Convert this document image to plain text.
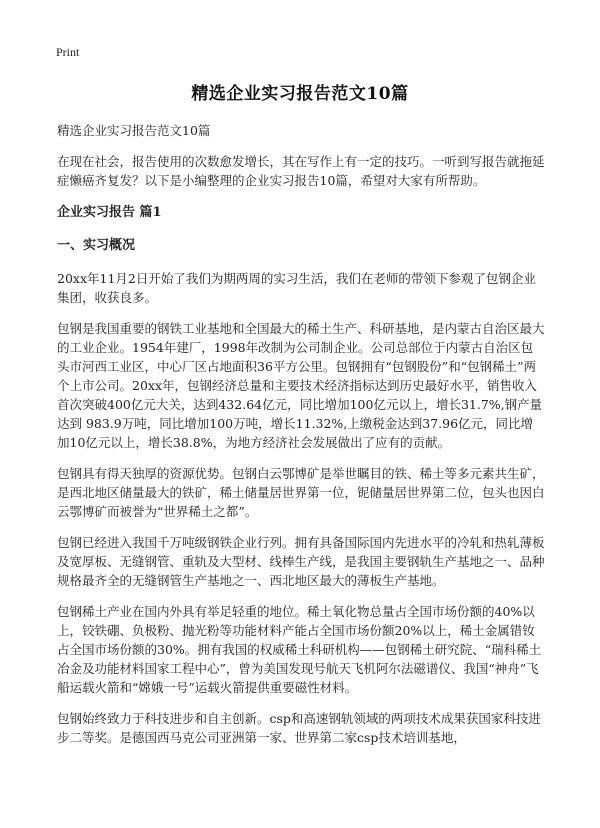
Print
精选企业实习报告范文10篇
精选企业实习报告范文10篇

在现在社会，报告使用的次数愈发增长，其在写作上有一定的技巧。一听到写报告就拖延症懒癌齐复发？以下是小编整理的企业实习报告10篇，希望对大家有所帮助。

企业实习报告 篇1
一、实习概况

20xx年11月2日开始了我们为期两周的实习生活，我们在老师的带领下参观了包钢企业集团，收获良多。

包钢是我国重要的钢铁工业基地和全国最大的稀土生产、科研基地，是内蒙古自治区最大的工业企业。1954年建厂，1998年改制为公司制企业。公司总部位于内蒙古自治区包头市河西工业区，中心厂区占地面积36平方公里。包钢拥有“包钢股份”和“包钢稀土”两个上市公司。20xx年，包钢经济总量和主要技术经济指标达到历史最好水平，销售收入首次突破400亿元大关，达到432.64亿元，同比增加100亿元以上，增长31.7%,钢产量达到 983.9万吨，同比增加100万吨，增长11.32%,上缴税金达到37.96亿元，同比增加10亿元以上，增长38.8%，为地方经济社会发展做出了应有的贡献。

包钢具有得天独厚的资源优势。包钢白云鄂博矿是举世瞩目的铁、稀土等多元素共生矿，是西北地区储量最大的铁矿，稀土储量居世界第一位，铌储量居世界第二位，包头也因白云鄂博矿而被誉为“世界稀土之都”。

包钢已经进入我国千万吨级钢铁企业行列。拥有具备国际国内先进水平的冷轧和热轧薄板及宽厚板、无缝钢管、重轨及大型材、线棒生产线，是我国主要钢轨生产基地之一、品种规格最齐全的无缝钢管生产基地之一、西北地区最大的薄板生产基地。

包钢稀土产业在国内外具有举足轻重的地位。稀土氧化物总量占全国市场份额的40%以上，铰铁硼、负极粉、抛光粉等功能材料产能占全国市场份额20%以上，稀土金属错钕占全国市场份额的30%。拥有我国的权威稀土科研机构——包钢稀土研究院、“瑞科稀土冶金及功能材料国家工程中心”，曾为美国发现号航天飞机阿尔法磁谱仪、我国“神舟”飞船运载火箭和“嫦娥一号”运载火箭提供重要磁性材料。

包钢始终致力于科技进步和自主创新。csp和高速钢轨领域的两项技术成果获国家科技进步二等奖。是德国西马克公司亚洲第一家、世界第二家csp技术培训基地，
